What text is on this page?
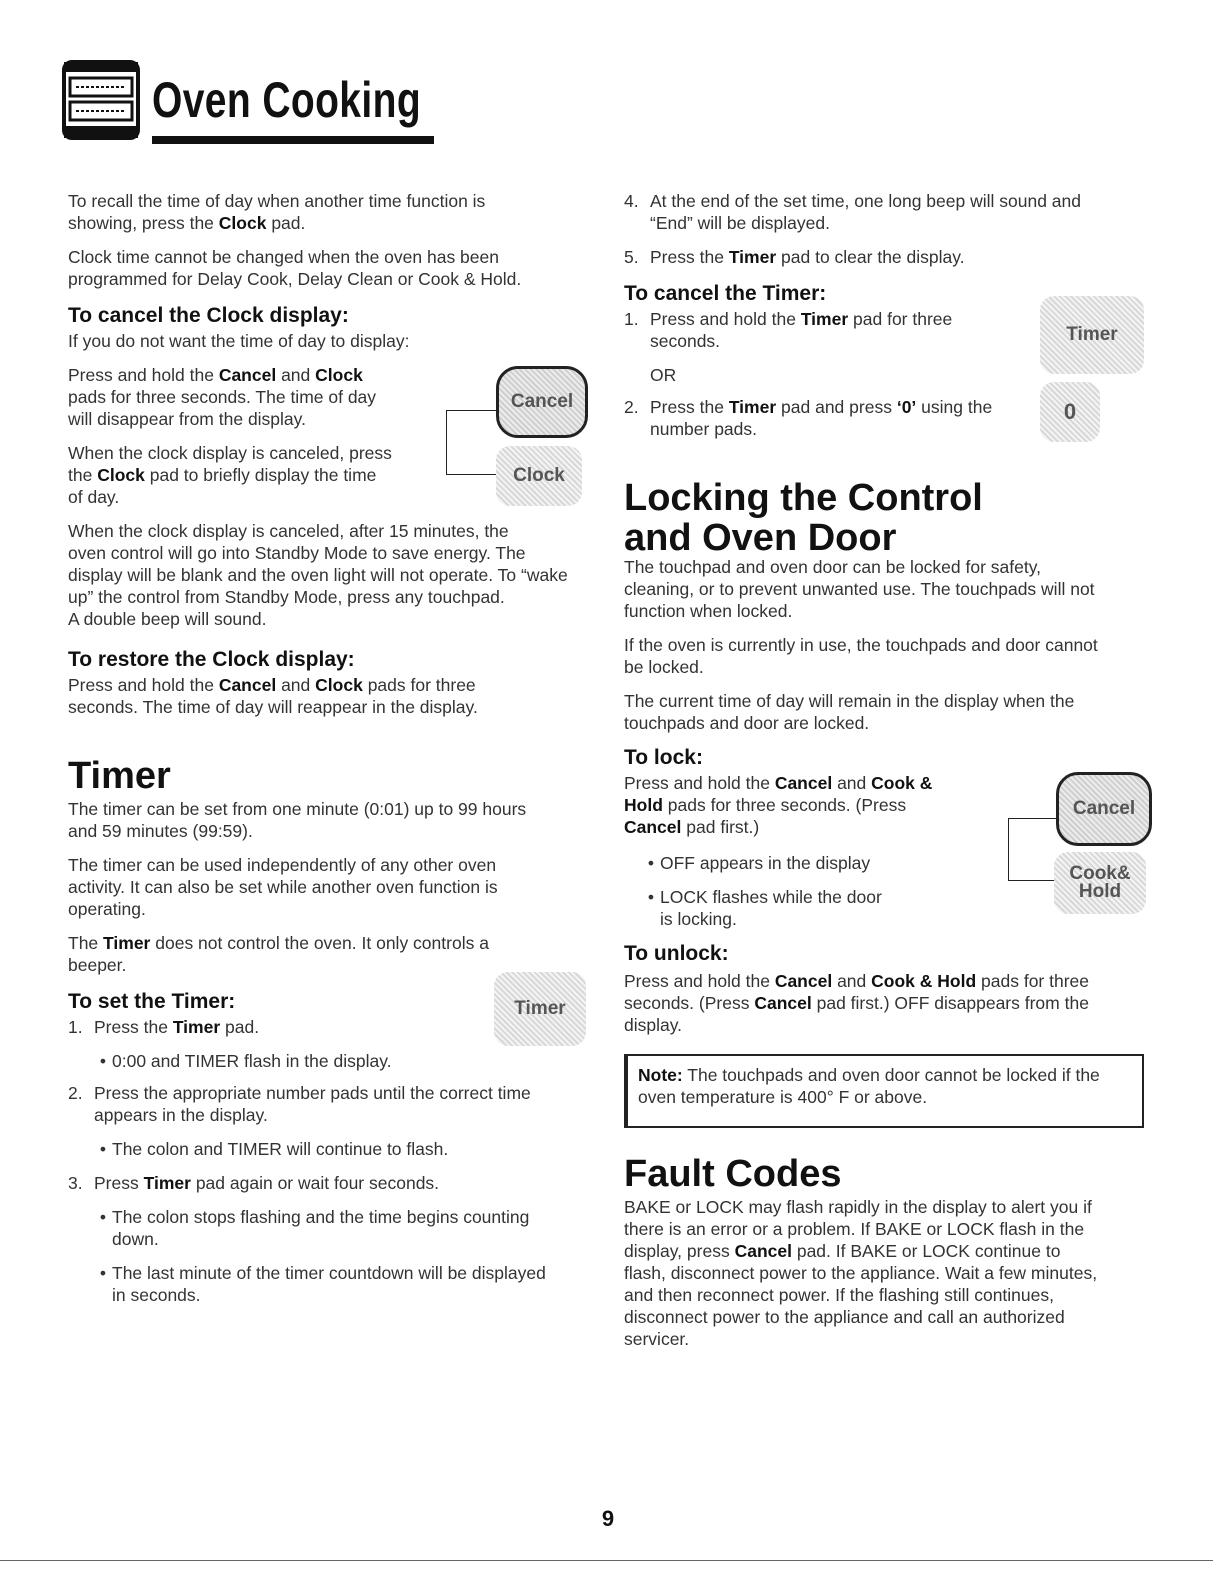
Oven Cooking

To recall the time of day when another time function is
showing, press the Clock pad.

Clock time cannot be changed when the oven has been
programmed for Delay Cook, Delay Clean or Cook & Hold.

To cancel the Clock display:

If you do not want the time of day to display:

Press and hold the Cancel and Clock
pads for three seconds. The time of day
will disappear from the display.

When the clock display is canceled, press
the Clock pad to briefly display the time
of day.

Cancel
Clock

When the clock display is canceled, after 15 minutes, the
oven control will go into Standby Mode to save energy. The
display will be blank and the oven light will not operate. To “wake
up” the control from Standby Mode, press any touchpad.
A double beep will sound.

To restore the Clock display:

Press and hold the Cancel and Clock pads for three
seconds. The time of day will reappear in the display.

Timer

The timer can be set from one minute (0:01) up to 99 hours
and 59 minutes (99:59).

The timer can be used independently of any other oven
activity. It can also be set while another oven function is
operating.

The Timer does not control the oven. It only controls a
beeper.

To set the Timer:	Timer

1. Press the Timer pad.

• 0:00 and TIMER flash in the display.

2. Press the appropriate number pads until the correct time
appears in the display.

• The colon and TIMER will continue to flash.

3. Press Timer pad again or wait four seconds.

• The colon stops flashing and the time begins counting
down.

• The last minute of the timer countdown will be displayed
in seconds.

4. At the end of the set time, one long beep will sound and
“End” will be displayed.

5. Press the Timer pad to clear the display.

To cancel the Timer:

1. Press and hold the Timer pad for three
seconds.

OR

2. Press the Timer pad and press ‘0’ using the
number pads.

Timer
0

Locking the Control
and Oven Door

The touchpad and oven door can be locked for safety,
cleaning, or to prevent unwanted use. The touchpads will not
function when locked.

If the oven is currently in use, the touchpads and door cannot
be locked.

The current time of day will remain in the display when the
touchpads and door are locked.

To lock:

Press and hold the Cancel and Cook &
Hold pads for three seconds. (Press
Cancel pad first.)

• OFF appears in the display

• LOCK flashes while the door
is locking.

Cancel
Cook&
Hold

To unlock:

Press and hold the Cancel and Cook & Hold pads for three
seconds. (Press Cancel pad first.) OFF disappears from the
display.

Note: The touchpads and oven door cannot be locked if the
oven temperature is 400° F or above.

Fault Codes

BAKE or LOCK may flash rapidly in the display to alert you if
there is an error or a problem. If BAKE or LOCK flash in the
display, press Cancel pad. If BAKE or LOCK continue to
flash, disconnect power to the appliance. Wait a few minutes,
and then reconnect power. If the flashing still continues,
disconnect power to the appliance and call an authorized
servicer.

9
